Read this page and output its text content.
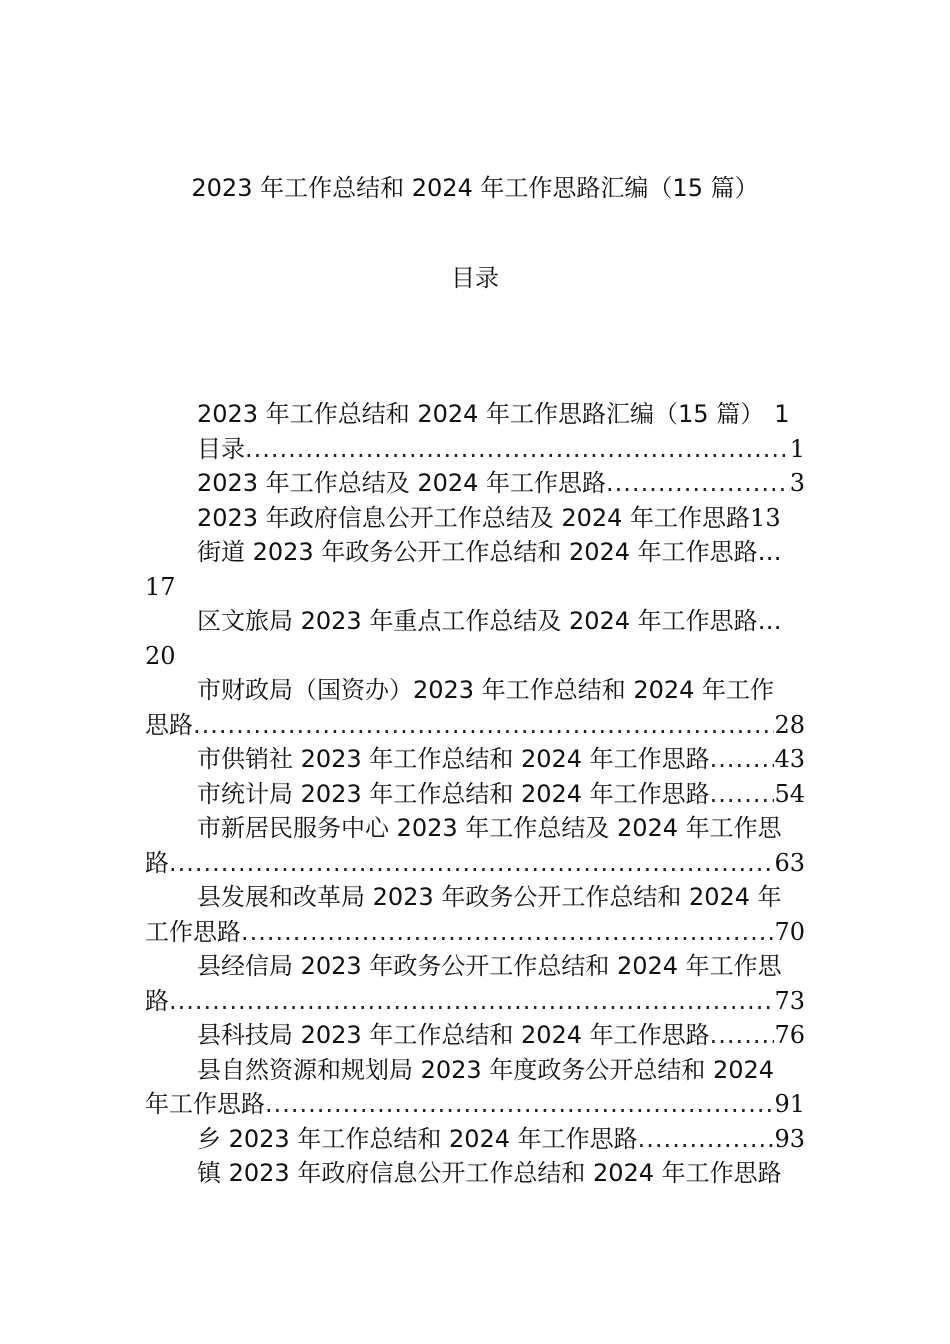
2023 年工作总结和 2024 年工作思路汇编（15 篇）
目录
2023 年工作总结和 2024 年工作思路汇编（15 篇） 1
目录 .....	1
2023 年工作总结及 2024 年工作思路 .....	3
2023 年政府信息公开工作总结及 2024 年工作思路 13
街道 2023 年政务公开工作总结和 2024 年工作思路…
17
区文旅局 2023 年重点工作总结及 2024 年工作思路…
20
市财政局（国资办）2023 年工作总结和 2024 年工作
思路 .....	28
市供销社 2023 年工作总结和 2024 年工作思路 .....	43
市统计局 2023 年工作总结和 2024 年工作思路 .....	54
市新居民服务中心 2023 年工作总结及 2024 年工作思
路 .....	63
县发展和改革局 2023 年政务公开工作总结和 2024 年
工作思路 .....	70
县经信局 2023 年政务公开工作总结和 2024 年工作思
路 .....	73
县科技局 2023 年工作总结和 2024 年工作思路 .....	76
县自然资源和规划局 2023 年度政务公开总结和 2024
年工作思路 .....	91
乡 2023 年工作总结和 2024 年工作思路 .....	93
镇 2023 年政府信息公开工作总结和 2024 年工作思路
